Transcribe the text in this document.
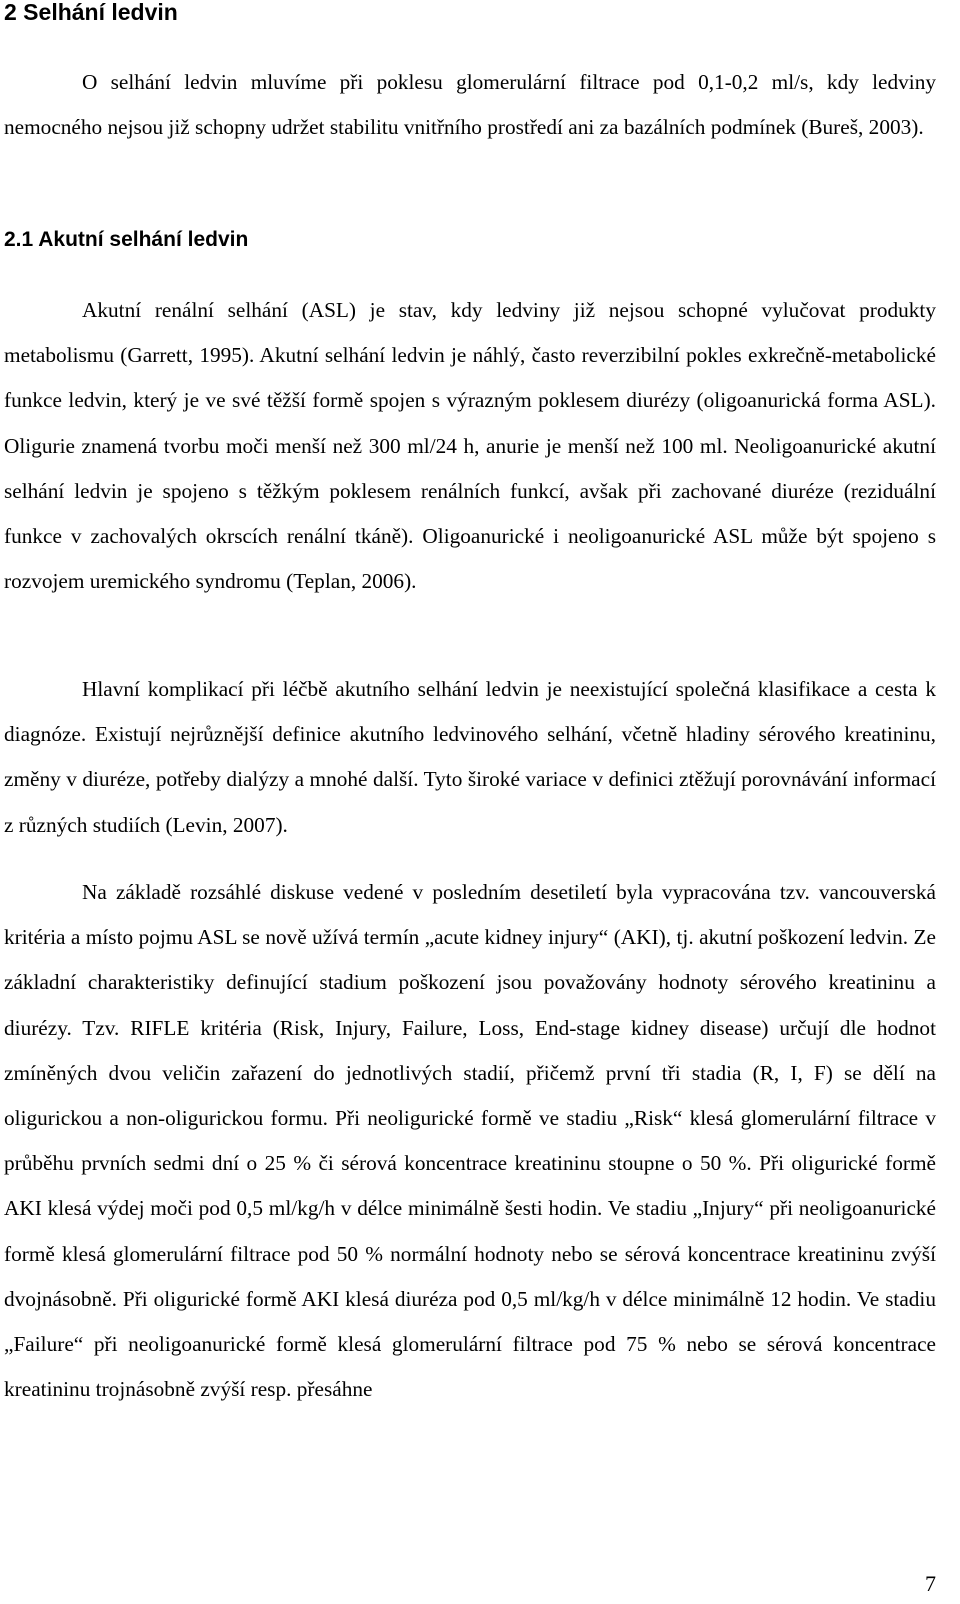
2 Selhání ledvin

O selhání ledvin mluvíme při poklesu glomerulární filtrace pod 0,1-0,2 ml/s, kdy ledviny nemocného nejsou již schopny udržet stabilitu vnitřního prostředí ani za bazálních podmínek (Bureš, 2003).

2.1 Akutní selhání ledvin

Akutní renální selhání (ASL) je stav, kdy ledviny již nejsou schopné vylučovat produkty metabolismu (Garrett, 1995). Akutní selhání ledvin je náhlý, často reverzibilní pokles exkrečně-metabolické funkce ledvin, který je ve své těžší formě spojen s výrazným poklesem diurézy (oligoanurická forma ASL). Oligurie znamená tvorbu moči menší než 300 ml/24 h, anurie je menší než 100 ml. Neoligoanurické akutní selhání ledvin je spojeno s těžkým poklesem renálních funkcí, avšak při zachované diuréze (reziduální funkce v zachovalých okrscích renální tkáně). Oligoanurické i neoligoanurické ASL může být spojeno s rozvojem uremického syndromu (Teplan, 2006).

Hlavní komplikací při léčbě akutního selhání ledvin je neexistující společná klasifikace a cesta k diagnóze. Existují nejrůznější definice akutního ledvinového selhání, včetně hladiny sérového kreatininu, změny v diuréze, potřeby dialýzy a mnohé další. Tyto široké variace v definici ztěžují porovnávání informací z různých studiích (Levin, 2007).

Na základě rozsáhlé diskuse vedené v posledním desetiletí byla vypracována tzv. vancouverská kritéria a místo pojmu ASL se nově užívá termín „acute kidney injury“ (AKI), tj. akutní poškození ledvin. Ze základní charakteristiky definující stadium poškození jsou považovány hodnoty sérového kreatininu a diurézy. Tzv. RIFLE kritéria (Risk, Injury, Failure, Loss, End-stage kidney disease) určují dle hodnot zmíněných dvou veličin zařazení do jednotlivých stadií, přičemž první tři stadia (R, I, F) se dělí na oligurickou a non-oligurickou formu. Při neoligurické formě ve stadiu „Risk“ klesá glomerulární filtrace v průběhu prvních sedmi dní o 25 % či sérová koncentrace kreatininu stoupne o 50 %. Při oligurické formě AKI klesá výdej moči pod 0,5 ml/kg/h v délce minimálně šesti hodin. Ve stadiu „Injury“ při neoligoanurické formě klesá glomerulární filtrace pod 50 % normální hodnoty nebo se sérová koncentrace kreatininu zvýší dvojnásobně. Při oligurické formě AKI klesá diuréza pod 0,5 ml/kg/h v délce minimálně 12 hodin. Ve stadiu „Failure“ při neoligoanurické formě klesá glomerulární filtrace pod 75 % nebo se sérová koncentrace kreatininu trojnásobně zvýší resp. přesáhne

7
